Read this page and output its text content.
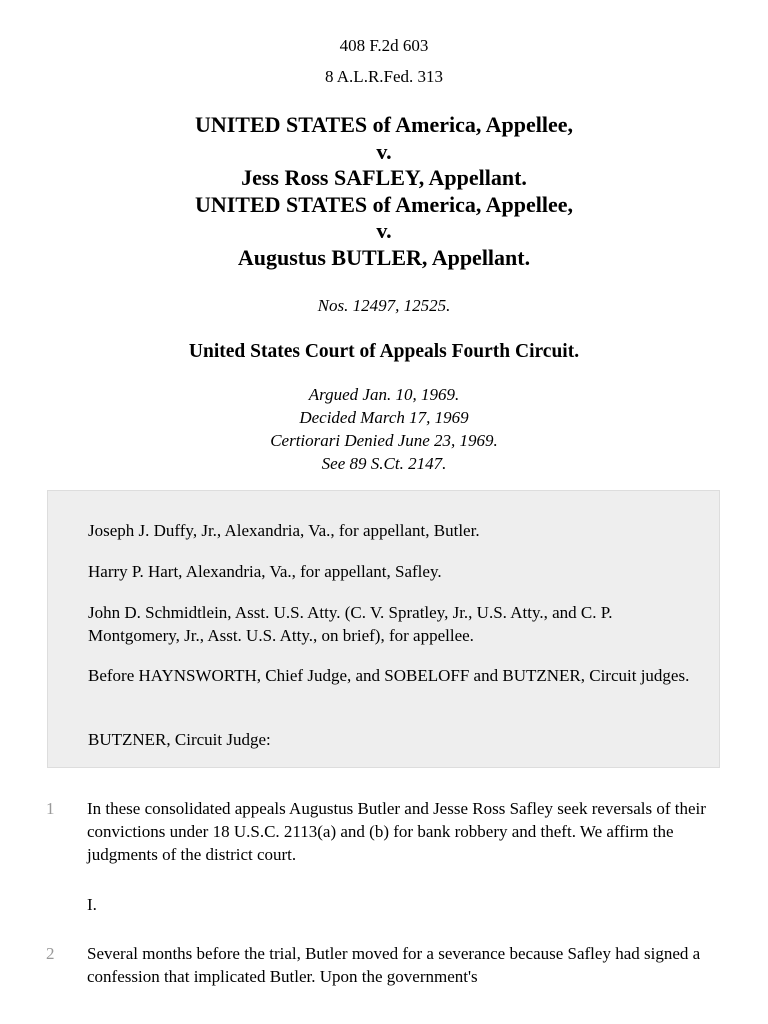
408 F.2d 603
8 A.L.R.Fed. 313
UNITED STATES of America, Appellee,
v.
Jess Ross SAFLEY, Appellant.
UNITED STATES of America, Appellee,
v.
Augustus BUTLER, Appellant.
Nos. 12497, 12525.
United States Court of Appeals Fourth Circuit.
Argued Jan. 10, 1969.
Decided March 17, 1969
Certiorari Denied June 23, 1969.
See 89 S.Ct. 2147.

Joseph J. Duffy, Jr., Alexandria, Va., for appellant, Butler.

Harry P. Hart, Alexandria, Va., for appellant, Safley.

John D. Schmidtlein, Asst. U.S. Atty. (C. V. Spratley, Jr., U.S. Atty., and C. P. Montgomery, Jr., Asst. U.S. Atty., on brief), for appellee.

Before HAYNSWORTH, Chief Judge, and SOBELOFF and BUTZNER, Circuit judges.

BUTZNER, Circuit Judge:

1	In these consolidated appeals Augustus Butler and Jesse Ross Safley seek reversals of their convictions under 18 U.S.C. 2113(a) and (b) for bank robbery and theft. We affirm the judgments of the district court.
I.
2	Several months before the trial, Butler moved for a severance because Safley had signed a confession that implicated Butler. Upon the government's
